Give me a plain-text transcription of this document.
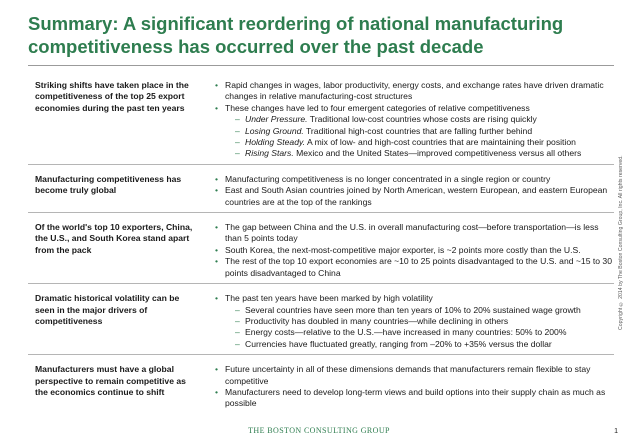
Summary: A significant reordering of national manufacturing competitiveness has occurred over the past decade
Striking shifts have taken place in the competitiveness of the top 25 export economies during the past ten years
• Rapid changes in wages, labor productivity, energy costs, and exchange rates have driven dramatic changes in relative manufacturing-cost structures
• These changes have led to four emergent categories of relative competitiveness
– Under Pressure. Traditional low-cost countries whose costs are rising quickly
– Losing Ground. Traditional high-cost countries that are falling further behind
– Holding Steady. A mix of low- and high-cost countries that are maintaining their position
– Rising Stars. Mexico and the United States—improved competitiveness versus all others
Manufacturing competitiveness has become truly global
• Manufacturing competitiveness is no longer concentrated in a single region or country
• East and South Asian countries joined by North American, western European, and eastern European countries are at the top of the rankings
Of the world's top 10 exporters, China, the U.S., and South Korea stand apart from the pack
• The gap between China and the U.S. in overall manufacturing cost—before transportation—is less than 5 points today
• South Korea, the next-most-competitive major exporter, is ~2 points more costly than the U.S.
• The rest of the top 10 export economies are ~10 to 25 points disadvantaged to the U.S. and ~15 to 30 points disadvantaged to China
Dramatic historical volatility can be seen in the major drivers of competitiveness
• The past ten years have been marked by high volatility
– Several countries have seen more than ten years of 10% to 20% sustained wage growth
– Productivity has doubled in many countries—while declining in others
– Energy costs—relative to the U.S.—have increased in many countries: 50% to 200%
– Currencies have fluctuated greatly, ranging from –20% to +35% versus the dollar
Manufacturers must have a global perspective to remain competitive as the economics continue to shift
• Future uncertainty in all of these dimensions demands that manufacturers remain flexible to stay competitive
• Manufacturers need to develop long-term views and build options into their supply chain as much as possible
Copyright © 2014 by The Boston Consulting Group, Inc. All rights reserved.
THE BOSTON CONSULTING GROUP	1
